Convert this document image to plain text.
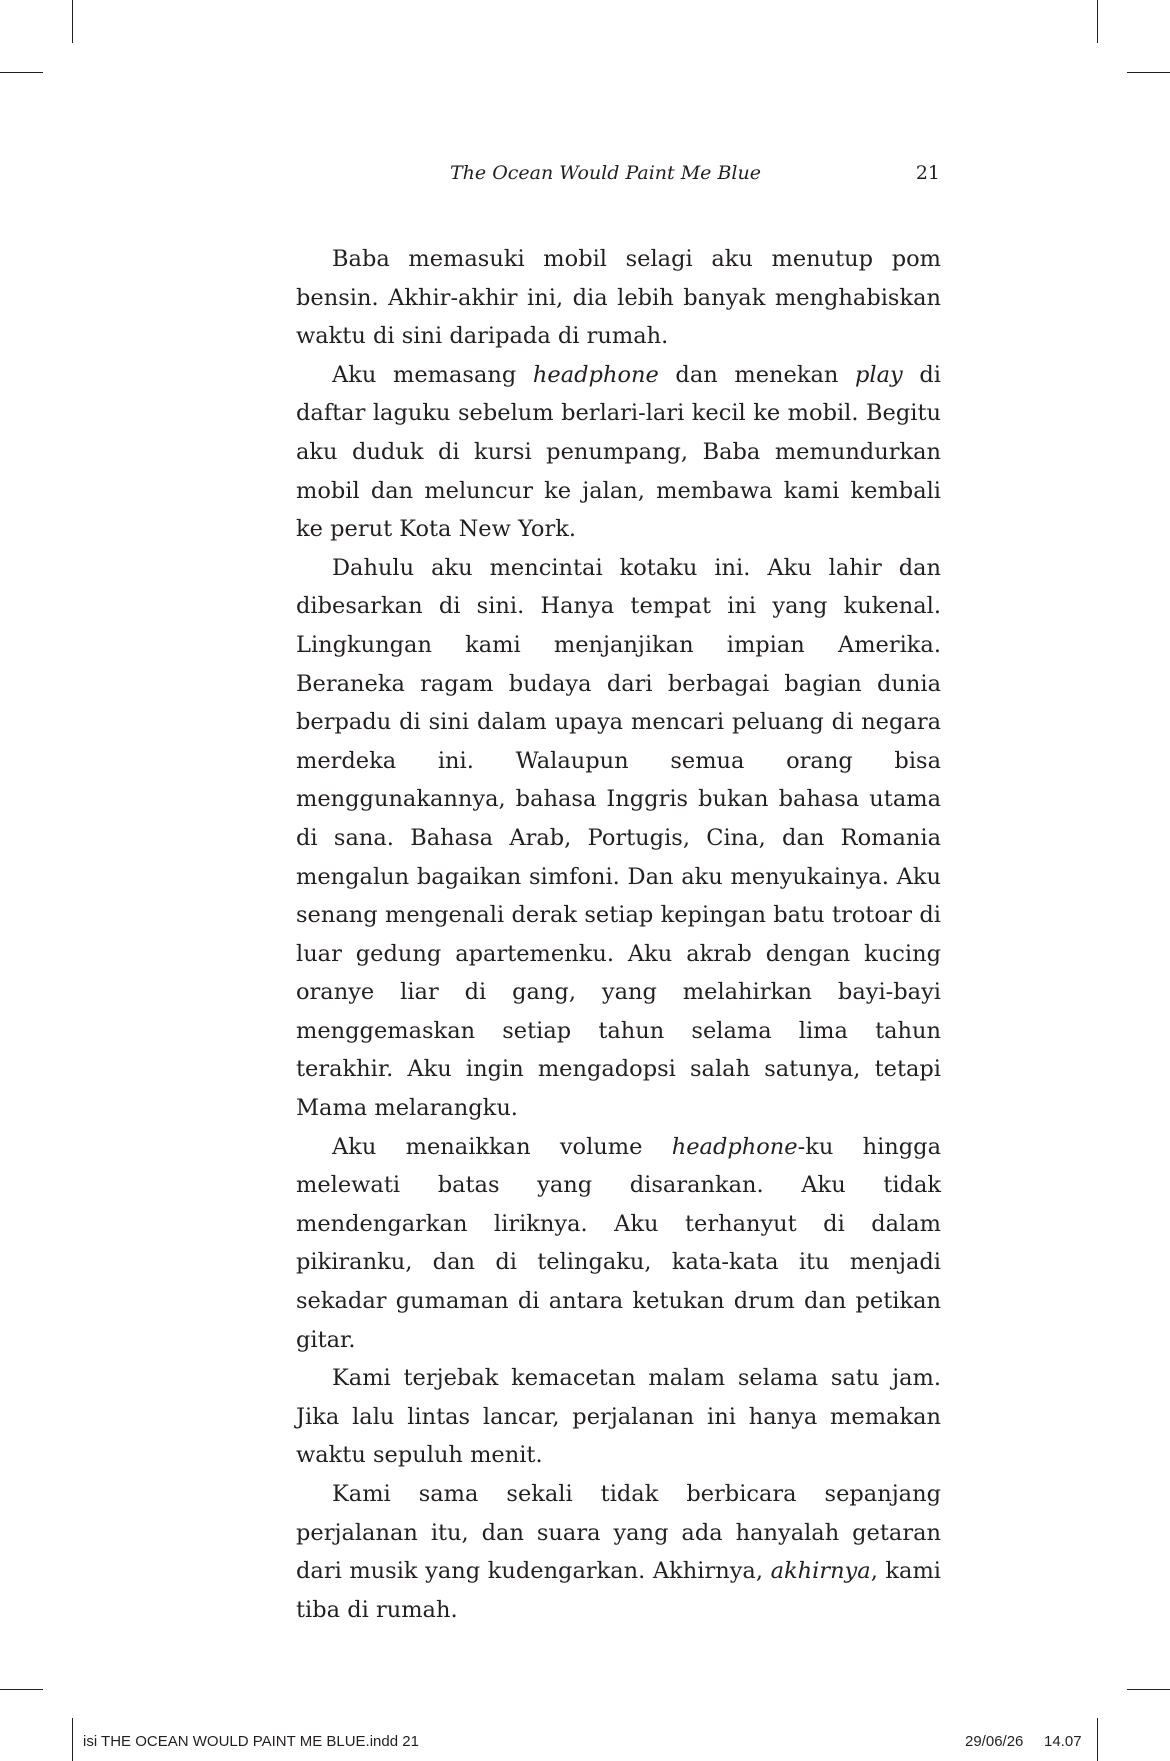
The Ocean Would Paint Me Blue	21

Baba memasuki mobil selagi aku menutup pom bensin. Akhir-akhir ini, dia lebih banyak menghabiskan waktu di sini daripada di rumah.

Aku memasang headphone dan menekan play di daftar laguku sebelum berlari-lari kecil ke mobil. Begitu aku duduk di kursi penumpang, Baba memundurkan mobil dan meluncur ke jalan, membawa kami kembali ke perut Kota New York.

Dahulu aku mencintai kotaku ini. Aku lahir dan dibesarkan di sini. Hanya tempat ini yang kukenal. Lingkungan kami menjanjikan impian Amerika. Beraneka ragam budaya dari berbagai bagian dunia berpadu di sini dalam upaya mencari peluang di negara merdeka ini. Walaupun semua orang bisa menggunakannya, bahasa Inggris bukan bahasa utama di sana. Bahasa Arab, Portugis, Cina, dan Romania mengalun bagaikan simfoni. Dan aku menyukainya. Aku senang mengenali derak setiap kepingan batu trotoar di luar gedung apartemenku. Aku akrab dengan kucing oranye liar di gang, yang melahirkan bayi-bayi menggemaskan setiap tahun selama lima tahun terakhir. Aku ingin mengadopsi salah satunya, tetapi Mama melarangku.

Aku menaikkan volume headphone-ku hingga melewati batas yang disarankan. Aku tidak mendengarkan liriknya. Aku terhanyut di dalam pikiranku, dan di telingaku, kata-kata itu menjadi sekadar gumaman di antara ketukan drum dan petikan gitar.

Kami terjebak kemacetan malam selama satu jam. Jika lalu lintas lancar, perjalanan ini hanya memakan waktu sepuluh menit.

Kami sama sekali tidak berbicara sepanjang perjalanan itu, dan suara yang ada hanyalah getaran dari musik yang kudengarkan. Akhirnya, akhirnya, kami tiba di rumah.

isi THE OCEAN WOULD PAINT ME BLUE.indd 21	29/06/26 14.07
